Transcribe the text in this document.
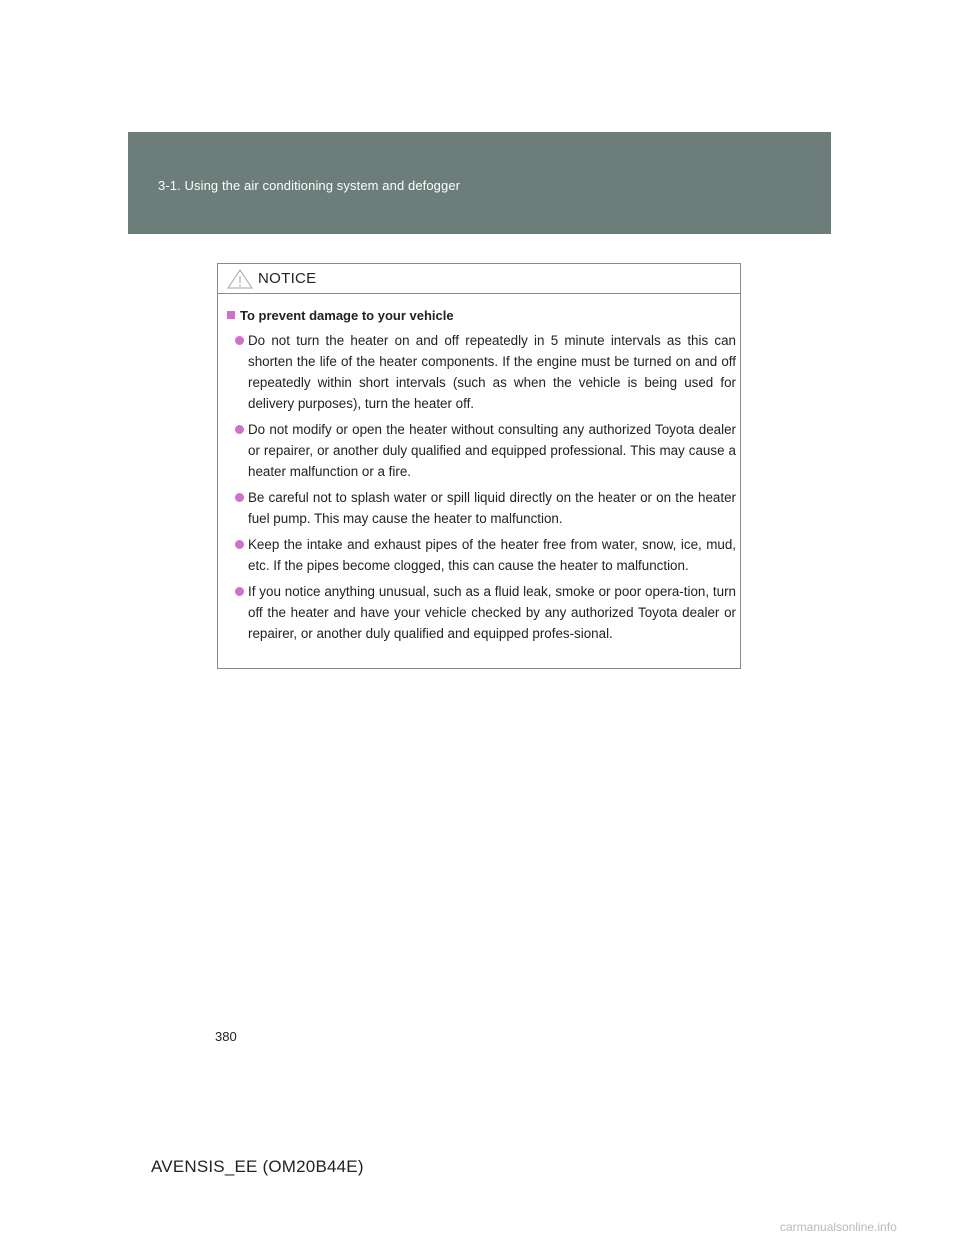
3-1. Using the air conditioning system and defogger
NOTICE
To prevent damage to your vehicle
Do not turn the heater on and off repeatedly in 5 minute intervals as this can shorten the life of the heater components. If the engine must be turned on and off repeatedly within short intervals (such as when the vehicle is being used for delivery purposes), turn the heater off.
Do not modify or open the heater without consulting any authorized Toyota dealer or repairer, or another duly qualified and equipped professional. This may cause a heater malfunction or a fire.
Be careful not to splash water or spill liquid directly on the heater or on the heater fuel pump. This may cause the heater to malfunction.
Keep the intake and exhaust pipes of the heater free from water, snow, ice, mud, etc. If the pipes become clogged, this can cause the heater to malfunction.
If you notice anything unusual, such as a fluid leak, smoke or poor opera-tion, turn off the heater and have your vehicle checked by any authorized Toyota dealer or repairer, or another duly qualified and equipped profes-sional.
380
AVENSIS_EE (OM20B44E)
carmanualsonline.info
